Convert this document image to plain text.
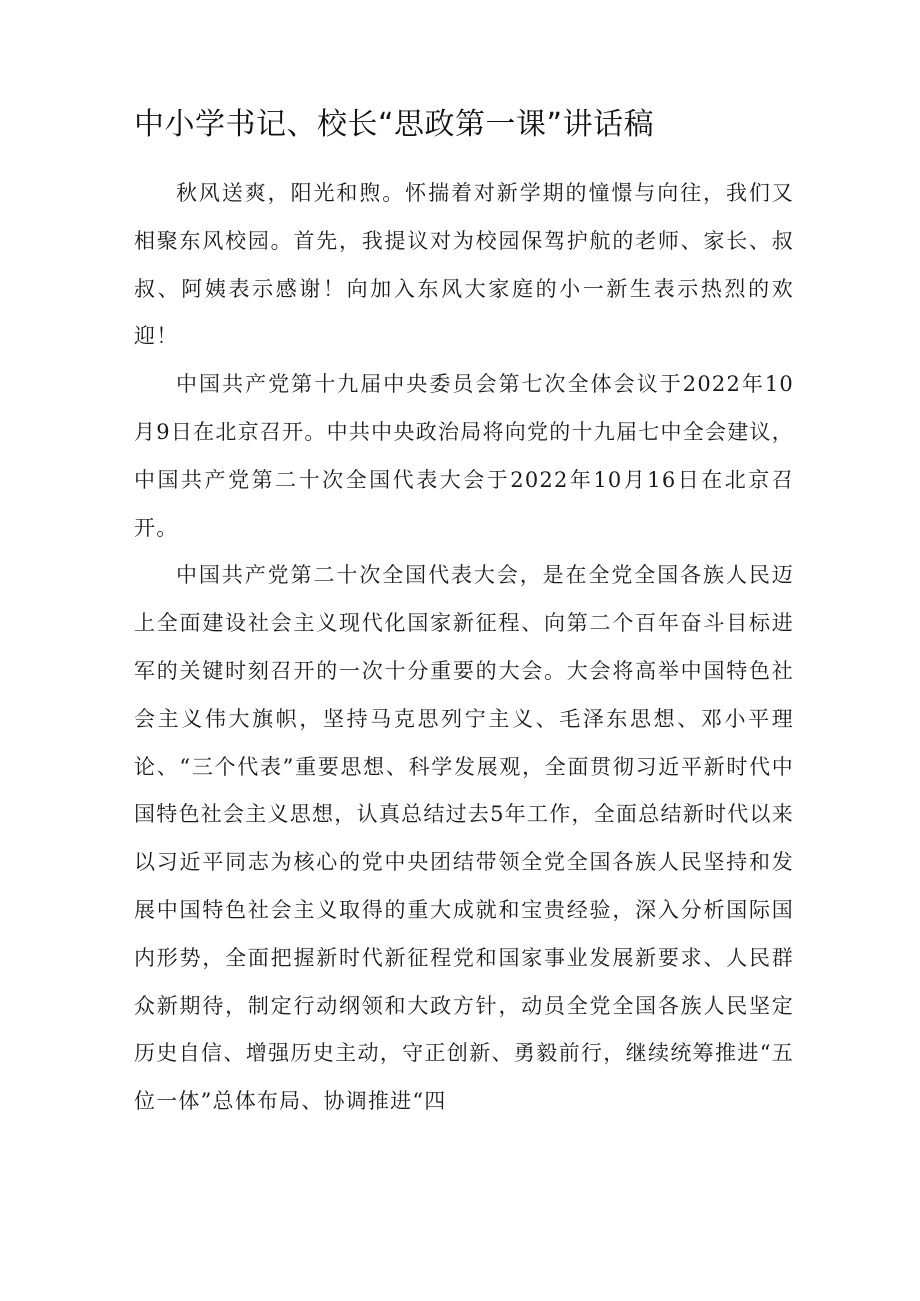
中小学书记、校长“思政第一课”讲话稿

秋风送爽，阳光和煦。怀揣着对新学期的憧憬与向往，我们又相聚东风校园。首先，我提议对为校园保驾护航的老师、家长、叔叔、阿姨表示感谢！向加入东风大家庭的小一新生表示热烈的欢迎！

中国共产党第十九届中央委员会第七次全体会议于2022年10月9日在北京召开。中共中央政治局将向党的十九届七中全会建议，中国共产党第二十次全国代表大会于2022年10月16日在北京召开。

中国共产党第二十次全国代表大会，是在全党全国各族人民迈上全面建设社会主义现代化国家新征程、向第二个百年奋斗目标进军的关键时刻召开的一次十分重要的大会。大会将高举中国特色社会主义伟大旗帜，坚持马克思列宁主义、毛泽东思想、邓小平理论、“三个代表”重要思想、科学发展观，全面贯彻习近平新时代中国特色社会主义思想，认真总结过去5年工作，全面总结新时代以来以习近平同志为核心的党中央团结带领全党全国各族人民坚持和发展中国特色社会主义取得的重大成就和宝贵经验，深入分析国际国内形势，全面把握新时代新征程党和国家事业发展新要求、人民群众新期待，制定行动纲领和大政方针，动员全党全国各族人民坚定历史自信、增强历史主动，守正创新、勇毅前行，继续统筹推进“五位一体”总体布局、协调推进“四
